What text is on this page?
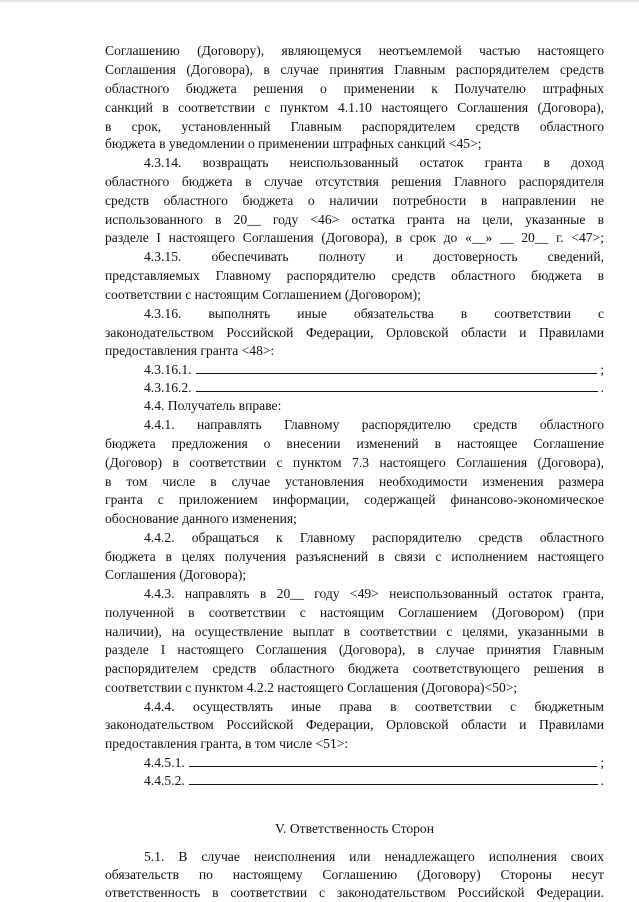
Соглашению (Договору), являющемуся неотъемлемой частью настоящего
Соглашения (Договора), в случае принятия Главным распорядителем средств
областного бюджета решения о применении к Получателю штрафных
санкций в соответствии с пунктом 4.1.10 настоящего Соглашения (Договора),
в срок, установленный Главным распорядителем средств областного
бюджета в уведомлении о применении штрафных санкций <45>;
4.3.14. возвращать неиспользованный остаток гранта в доход
областного бюджета в случае отсутствия решения Главного распорядителя
средств областного бюджета о наличии потребности в направлении не
использованного в 20__ году <46> остатка гранта на цели, указанные в
разделе I настоящего Соглашения (Договора), в срок до «__» __ 20__ г. <47>;
4.3.15. обеспечивать полноту и достоверность сведений,
представляемых Главному распорядителю средств областного бюджета в
соответствии с настоящим Соглашением (Договором);
4.3.16. выполнять иные обязательства в соответствии с
законодательством Российской Федерации, Орловской области и Правилами
предоставления гранта <48>:
4.3.16.1.	;
4.3.16.2.	.
4.4. Получатель вправе:
4.4.1. направлять Главному распорядителю средств областного
бюджета предложения о внесении изменений в настоящее Соглашение
(Договор) в соответствии с пунктом 7.3 настоящего Соглашения (Договора),
в том числе в случае установления необходимости изменения размера
гранта с приложением информации, содержащей финансово-экономическое
обоснование данного изменения;
4.4.2. обращаться к Главному распорядителю средств областного
бюджета в целях получения разъяснений в связи с исполнением настоящего
Соглашения (Договора);
4.4.3. направлять в 20__ году <49> неиспользованный остаток гранта,
полученной в соответствии с настоящим Соглашением (Договором) (при
наличии), на осуществление выплат в соответствии с целями, указанными в
разделе I настоящего Соглашения (Договора), в случае принятия Главным
распорядителем средств областного бюджета соответствующего решения в
соответствии с пунктом 4.2.2 настоящего Соглашения (Договора)<50>;
4.4.4. осуществлять иные права в соответствии с бюджетным
законодательством Российской Федерации, Орловской области и Правилами
предоставления гранта, в том числе <51>:
4.4.5.1.	;
4.4.5.2.	.
V. Ответственность Сторон
5.1. В случае неисполнения или ненадлежащего исполнения своих
обязательств по настоящему Соглашению (Договору) Стороны несут
ответственность в соответствии с законодательством Российской Федерации.
